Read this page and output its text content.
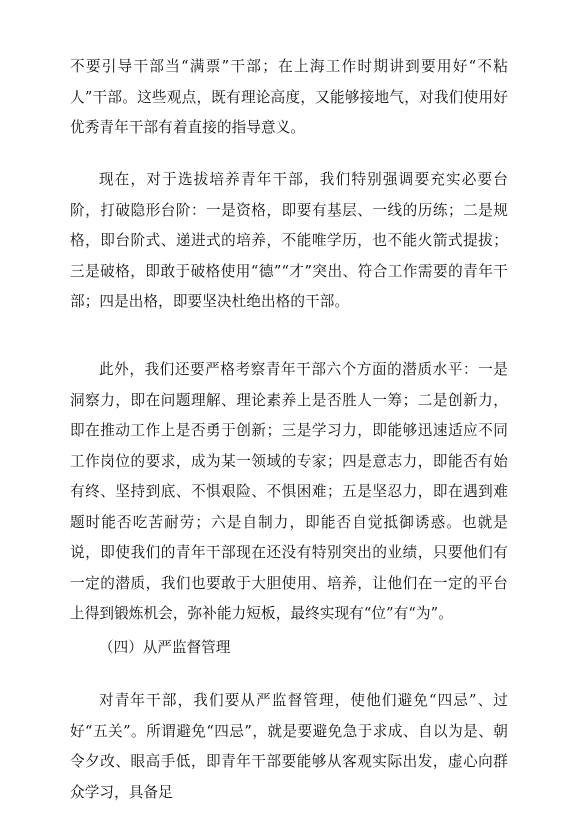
不要引导干部当“满票”干部；在上海工作时期讲到要用好“不粘人”干部。这些观点，既有理论高度，又能够接地气，对我们使用好优秀青年干部有着直接的指导意义。

现在，对于选拔培养青年干部，我们特别强调要充实必要台阶，打破隐形台阶：一是资格，即要有基层、一线的历练；二是规格，即台阶式、递进式的培养，不能唯学历，也不能火箭式提拔；三是破格，即敢于破格使用“德”“才”突出、符合工作需要的青年干部；四是出格，即要坚决杜绝出格的干部。

此外，我们还要严格考察青年干部六个方面的潜质水平：一是洞察力，即在问题理解、理论素养上是否胜人一筹；二是创新力，即在推动工作上是否勇于创新；三是学习力，即能够迅速适应不同工作岗位的要求，成为某一领域的专家；四是意志力，即能否有始有终、坚持到底、不惧艰险、不惧困难；五是坚忍力，即在遇到难题时能否吃苦耐劳；六是自制力，即能否自觉抵御诱惑。也就是说，即使我们的青年干部现在还没有特别突出的业绩，只要他们有一定的潜质，我们也要敢于大胆使用、培养，让他们在一定的平台上得到锻炼机会，弥补能力短板，最终实现有“位”有“为”。

（四）从严监督管理

对青年干部，我们要从严监督管理，使他们避免“四忌”、过好“五关”。所谓避免“四忌”，就是要避免急于求成、自以为是、朝令夕改、眼高手低，即青年干部要能够从客观实际出发，虚心向群众学习，具备足
